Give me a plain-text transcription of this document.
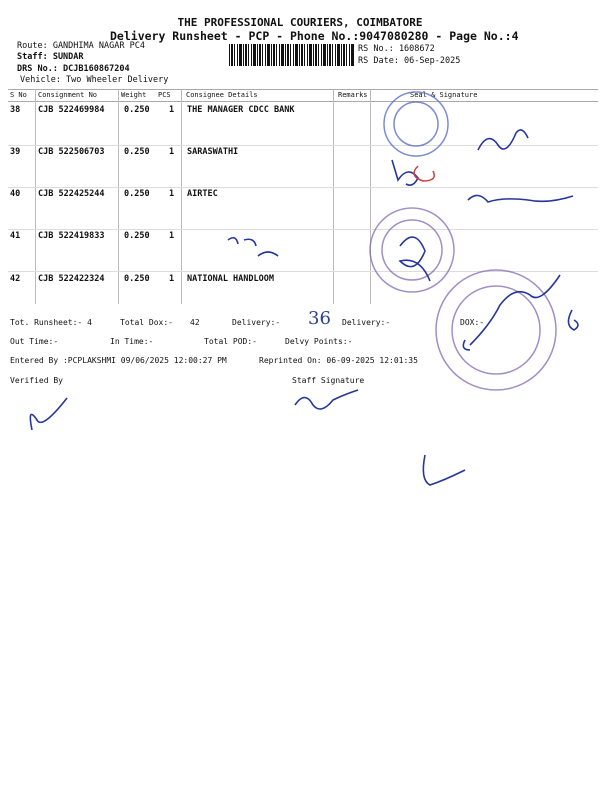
THE PROFESSIONAL COURIERS, COIMBATORE
Delivery Runsheet - PCP - Phone No.:9047080280 - Page No.:4
Route: GANDHIMA NAGAR PC4
Staff: SUNDAR
DRS No.: DCJB160867204
Vehicle: Two Wheeler Delivery
RS No.: 1608672
RS Date: 06-Sep-2025
S No Consignment No	Weight PCS Consignee Details	Remarks	Seal & Signature
38 CJB 522469984 0.250 1 THE MANAGER CDCC BANK
39 CJB 522506703 0.250 1 SARASWATHI
40 CJB 522425244 0.250 1 AIRTEC
41 CJB 522419833 0.250 1
42 CJB 522422324 0.250 1 NATIONAL HANDLOOM
Tot. Runsheet:- 4	Total Dox:- 42	Delivery:- 36 Delivery:-	DOX:-
Out Time:-	In Time:-	Total POD:-	Delvy Points:-
Entered By :PCPLAKSHMI 09/06/2025 12:00:27 PM	Reprinted On: 06-09-2025 12:01:35
Verified By	Staff Signature
